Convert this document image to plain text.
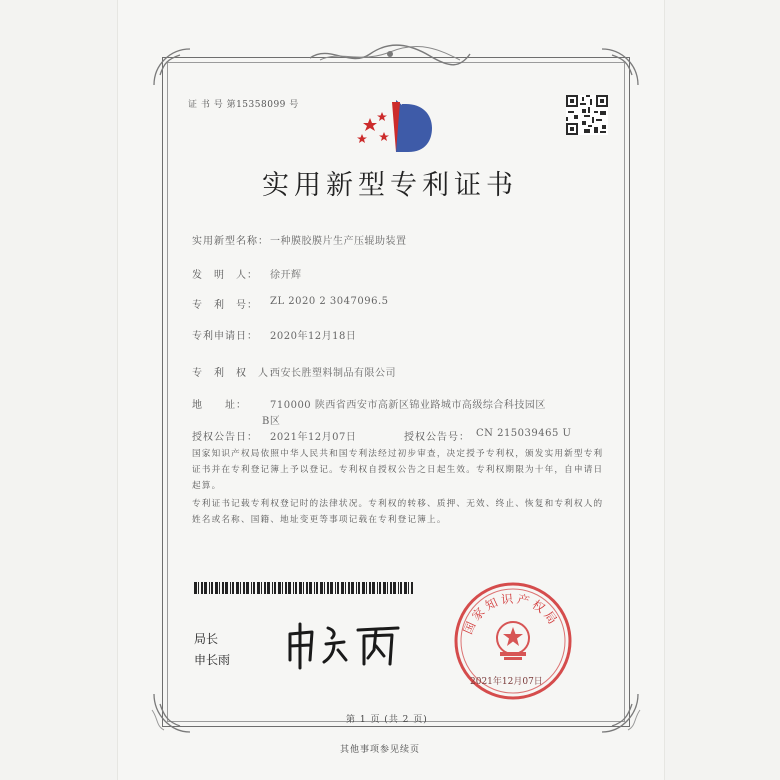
证 书 号 第15358099 号
实用新型专利证书
实用新型名称： 一种膜胶膜片生产压辊助装置
发　明　人： 徐开辉
专　利　号： ZL 2020 2 3047096.5
专利申请日： 2020年12月18日
专　利　权　人：
西安长胜塑料制品有限公司
地　　址： 710000 陕西省西安市高新区锦业路城市高级综合科技园区
B区
授权公告日： 2021年12月07日	授权公告号： CN 215039465 U
国家知识产权局依照中华人民共和国专利法经过初步审查，决定授予专利权，颁发实用新型专利证书并在专利登记簿上予以登记。专利权自授权公告之日起生效。专利权期限为十年，自申请日起算。
专利证书记载专利权登记时的法律状况。专利权的转移、质押、无效、终止、恢复和专利权人的姓名或名称、国籍、地址变更等事项记载在专利登记簿上。
局长
申长雨
国家知识产权局
2021年12月07日
第 1 页 (共 2 页)
其他事项参见续页
